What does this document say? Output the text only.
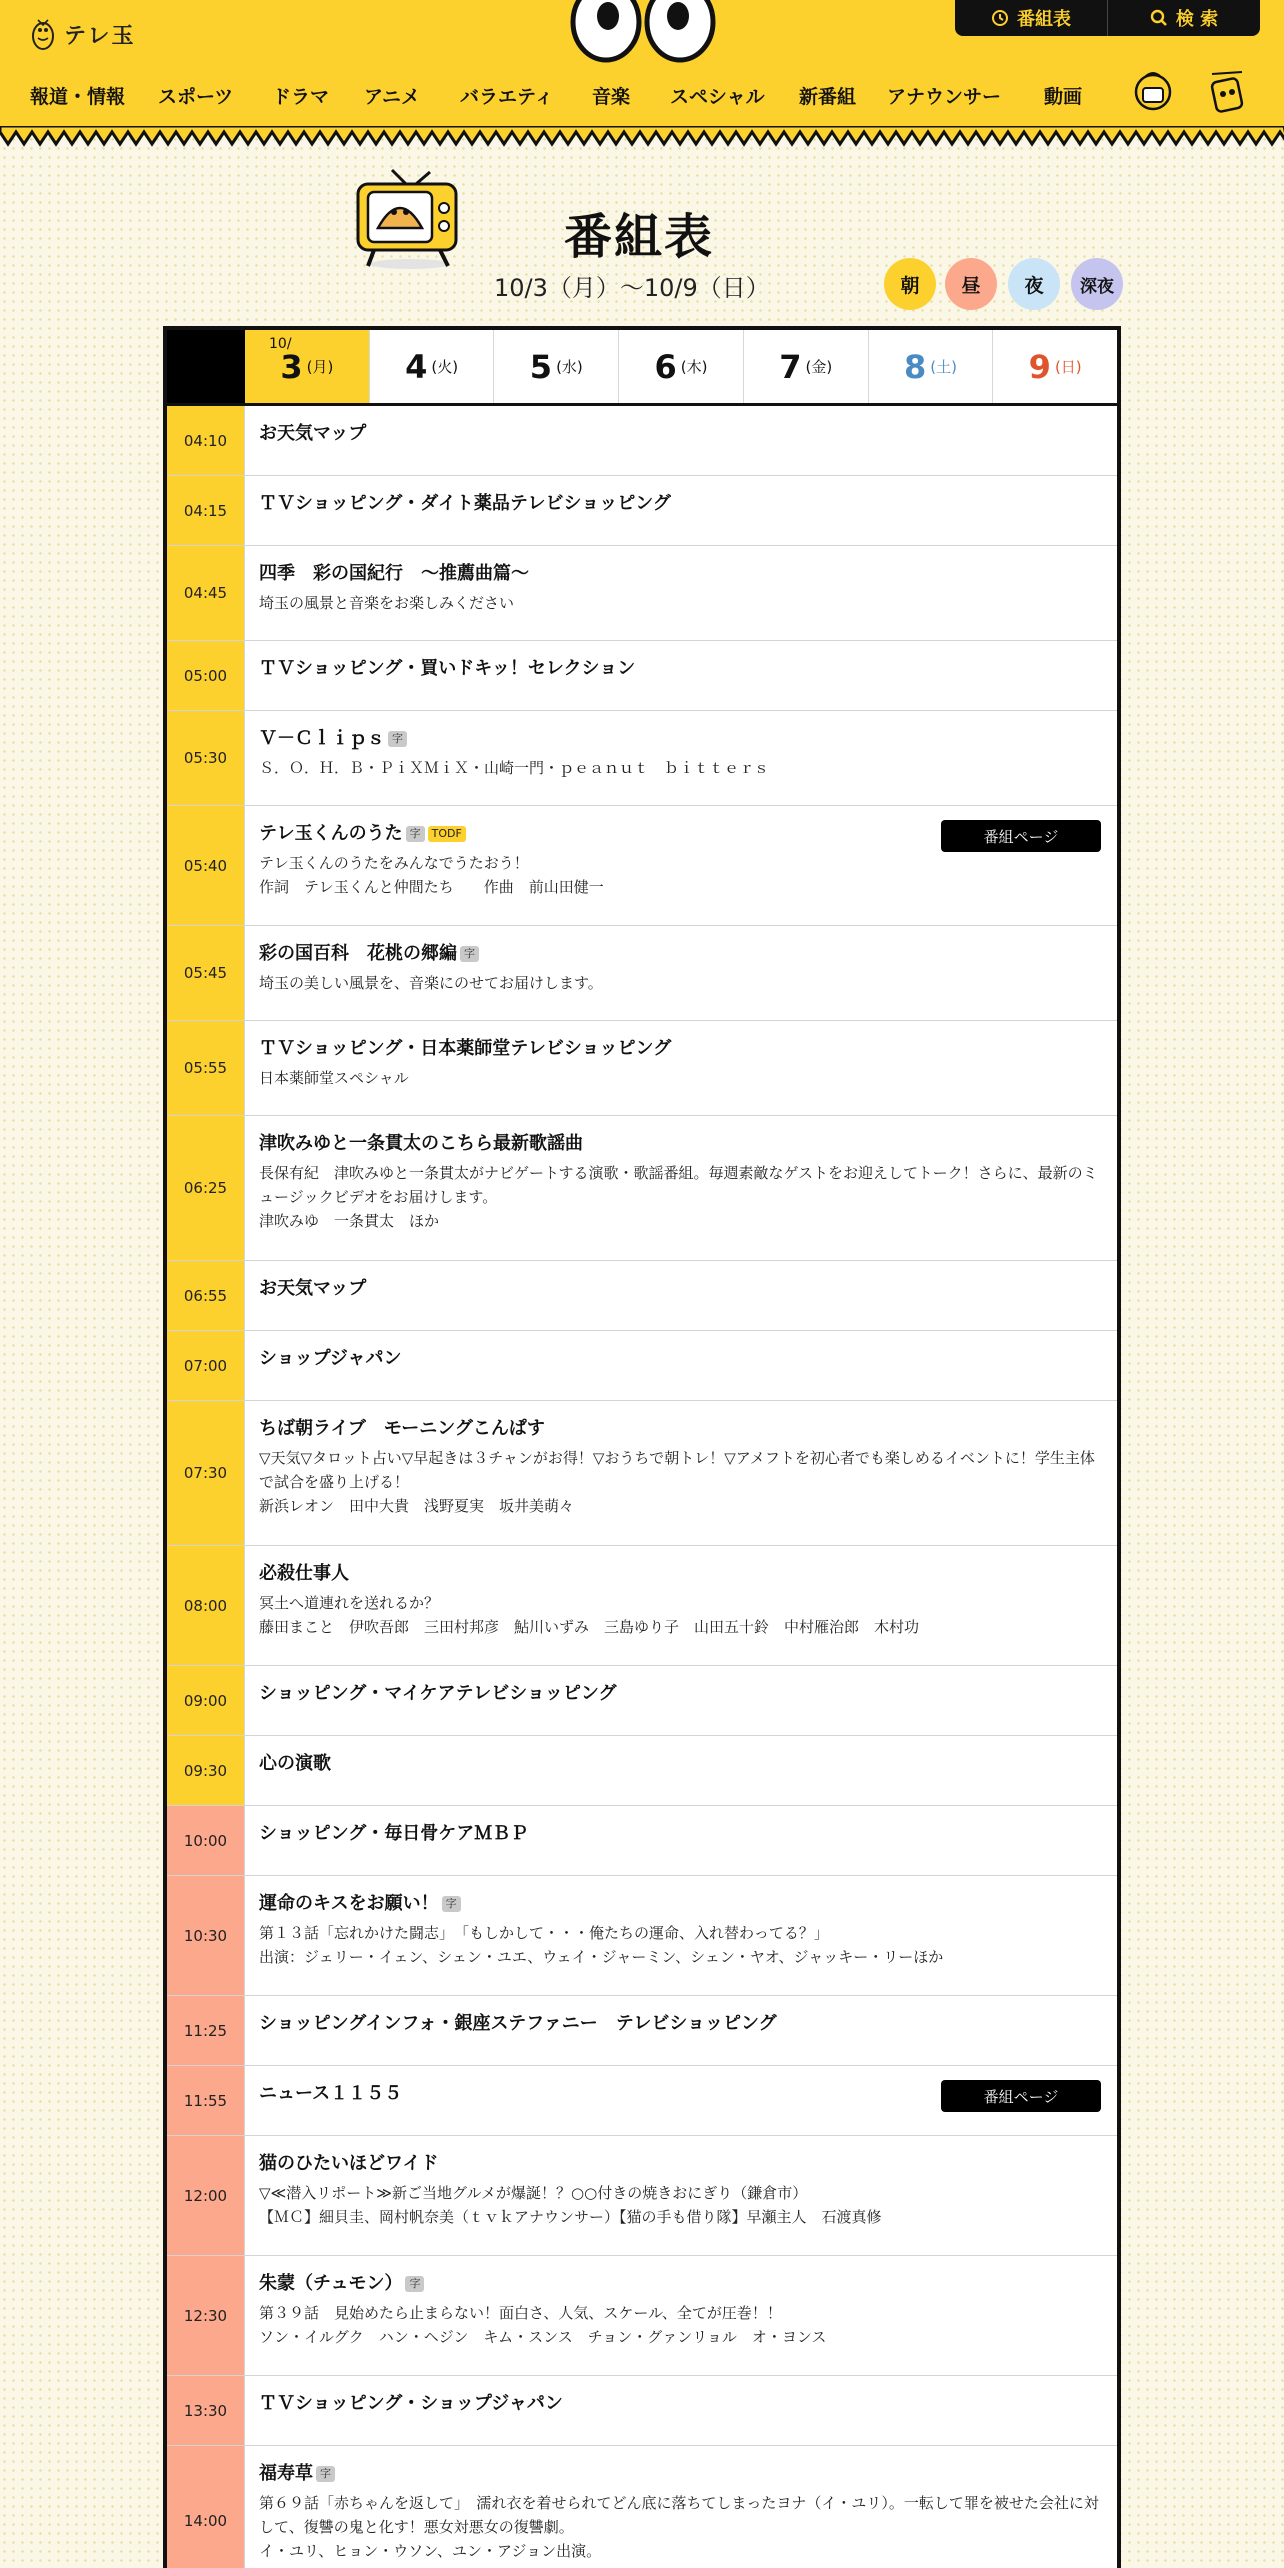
テレ玉
番組表	検 索
報道・情報	スポーツ	ドラマ	アニメ	バラエティ	音楽	スペシャル	新番組	アナウンサー	動画
番組表
10/3（月）〜10/9（日）	朝	昼	夜	深夜
10/
3 (月) 4 (火) 5 (水) 6 (木) 7 (金) 8 (土) 9 (日)
04:10	お天気マップ
04:15	ＴＶショッピング・ダイト薬品テレビショッピング
04:45
四季　彩の国紀行　～推薦曲篇～
埼玉の風景と音楽をお楽しみください
05:00	ＴＶショッピング・買いドキッ！セレクション
05:30
Ｖ－Ｃｌｉｐｓ 字
Ｓ．Ｏ．Ｈ．Ｂ・ＰｉＸＭｉＸ・山崎一門・ｐｅａｎｕｔ　ｂｉｔｔｅｒｓ
05:40
テレ玉くんのうた 字	TODF
テレ玉くんのうたをみんなでうたおう！
作詞　テレ玉くんと仲間たち　　作曲　前山田健一
番組ページ
05:45
彩の国百科　花桃の郷編 字
埼玉の美しい風景を、音楽にのせてお届けします。
05:55
ＴＶショッピング・日本薬師堂テレビショッピング
日本薬師堂スペシャル
06:25
津吹みゆと一条貫太のこちら最新歌謡曲
長保有紀　津吹みゆと一条貫太がナビゲートする演歌・歌謡番組。毎週素敵なゲストをお迎えしてトーク！さらに、最新のミュージックビデオをお届けします。
津吹みゆ　一条貫太　ほか
06:55	お天気マップ
07:00	ショップジャパン
07:30
ちば朝ライブ　モーニングこんぱす
▽天気▽タロット占い▽早起きは３チャンがお得！▽おうちで朝トレ！▽アメフトを初心者でも楽しめるイベントに！学生主体で試合を盛り上げる！
新浜レオン　田中大貴　浅野夏実　坂井美萌々
08:00
必殺仕事人
冥土へ道連れを送れるか？
藤田まこと　伊吹吾郎　三田村邦彦　鮎川いずみ　三島ゆり子　山田五十鈴　中村雁治郎　木村功
09:00	ショッピング・マイケアテレビショッピング
09:30	心の演歌
10:00	ショッピング・毎日骨ケアＭＢＰ
10:30
運命のキスをお願い！ 字
第１３話「忘れかけた闘志」　「もしかして・・・俺たちの運命、入れ替わってる？」
出演：ジェリー・イェン、シェン・ユエ、ウェイ・ジャーミン、シェン・ヤオ、ジャッキー・リーほか
11:25	ショッピングインフォ・銀座ステファニー　テレビショッピング
11:55	ニュース１１５５	番組ページ
12:00
猫のひたいほどワイド
▽≪潜入リポート≫新ご当地グルメが爆誕！？○○付きの焼きおにぎり（鎌倉市）
【ＭＣ】細貝圭、岡村帆奈美（ｔｖｋアナウンサー）【猫の手も借り隊】早瀬主人　石渡真修
12:30
朱蒙（チュモン） 字
第３９話　見始めたら止まらない！面白さ、人気、スケール、全てが圧巻！！
ソン・イルグク　ハン・ヘジン　キム・スンス　チョン・グァンリョル　オ・ヨンス
13:30	ＴＶショッピング・ショップジャパン
14:00
福寿草 字
第６９話「赤ちゃんを返して」　濡れ衣を着せられてどん底に落ちてしまったヨナ（イ・ユリ）。一転して罪を被せた会社に対して、復讐の鬼と化す！悪女対悪女の復讐劇。
イ・ユリ、ヒョン・ウソン、ユン・アジョン出演。
